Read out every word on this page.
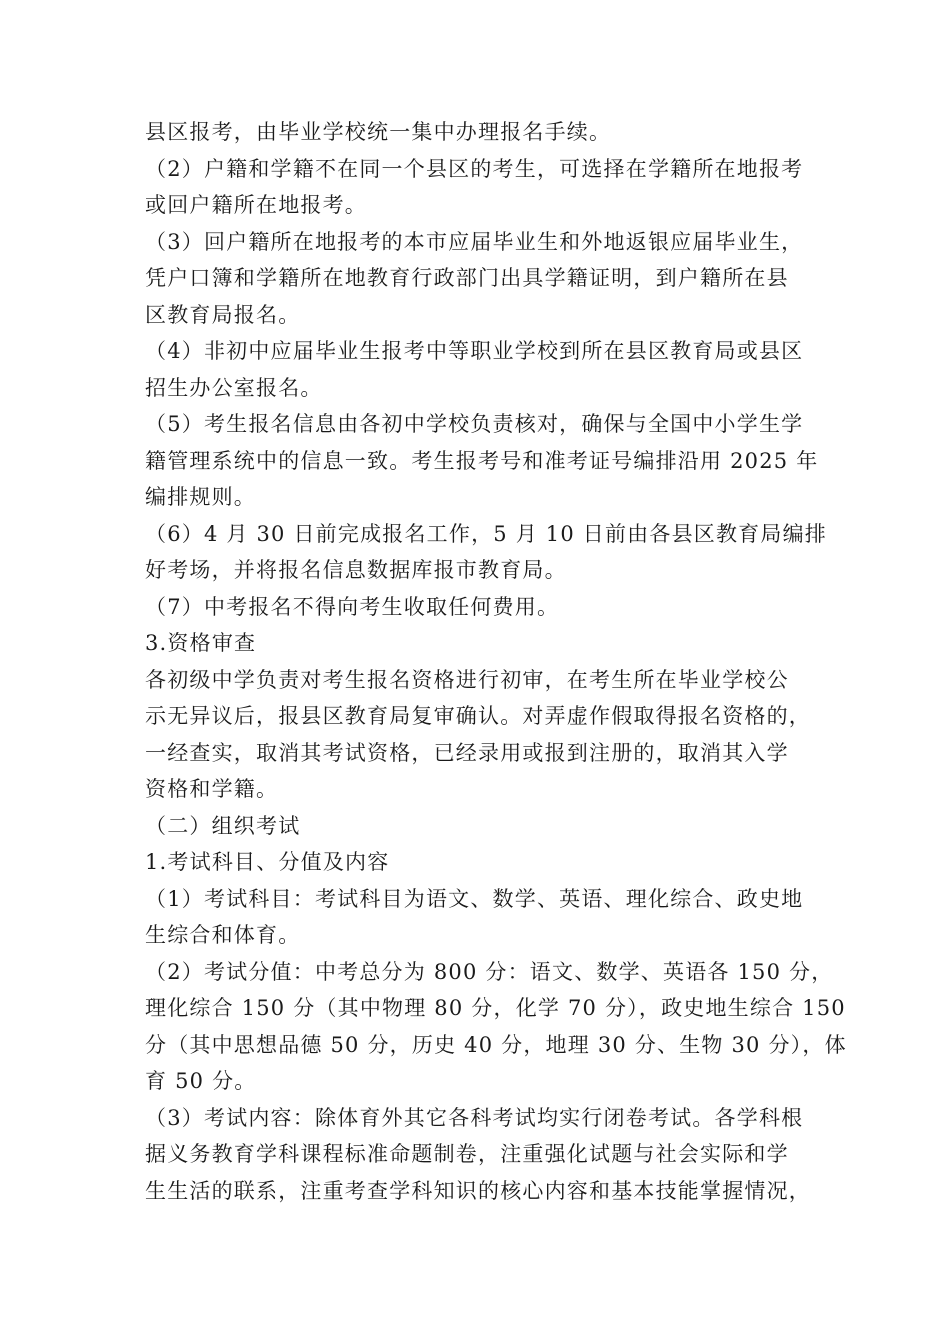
县区报考，由毕业学校统一集中办理报名手续。
（2）户籍和学籍不在同一个县区的考生，可选择在学籍所在地报考
或回户籍所在地报考。
（3）回户籍所在地报考的本市应届毕业生和外地返银应届毕业生，
凭户口簿和学籍所在地教育行政部门出具学籍证明，到户籍所在县
区教育局报名。
（4）非初中应届毕业生报考中等职业学校到所在县区教育局或县区
招生办公室报名。
（5）考生报名信息由各初中学校负责核对，确保与全国中小学生学
籍管理系统中的信息一致。考生报考号和准考证号编排沿用 2025 年
编排规则。
（6）4 月 30 日前完成报名工作，5 月 10 日前由各县区教育局编排
好考场，并将报名信息数据库报市教育局。
（7）中考报名不得向考生收取任何费用。
3.资格审查
各初级中学负责对考生报名资格进行初审，在考生所在毕业学校公
示无异议后，报县区教育局复审确认。对弄虚作假取得报名资格的，
一经查实，取消其考试资格，已经录用或报到注册的，取消其入学
资格和学籍。
（二）组织考试
1.考试科目、分值及内容
（1）考试科目：考试科目为语文、数学、英语、理化综合、政史地
生综合和体育。
（2）考试分值：中考总分为 800 分：语文、数学、英语各 150 分，
理化综合 150 分（其中物理 80 分，化学 70 分），政史地生综合 150
分（其中思想品德 50 分，历史 40 分，地理 30 分、生物 30 分），体
育 50 分。
（3）考试内容：除体育外其它各科考试均实行闭卷考试。各学科根
据义务教育学科课程标准命题制卷，注重强化试题与社会实际和学
生生活的联系，注重考查学科知识的核心内容和基本技能掌握情况，
